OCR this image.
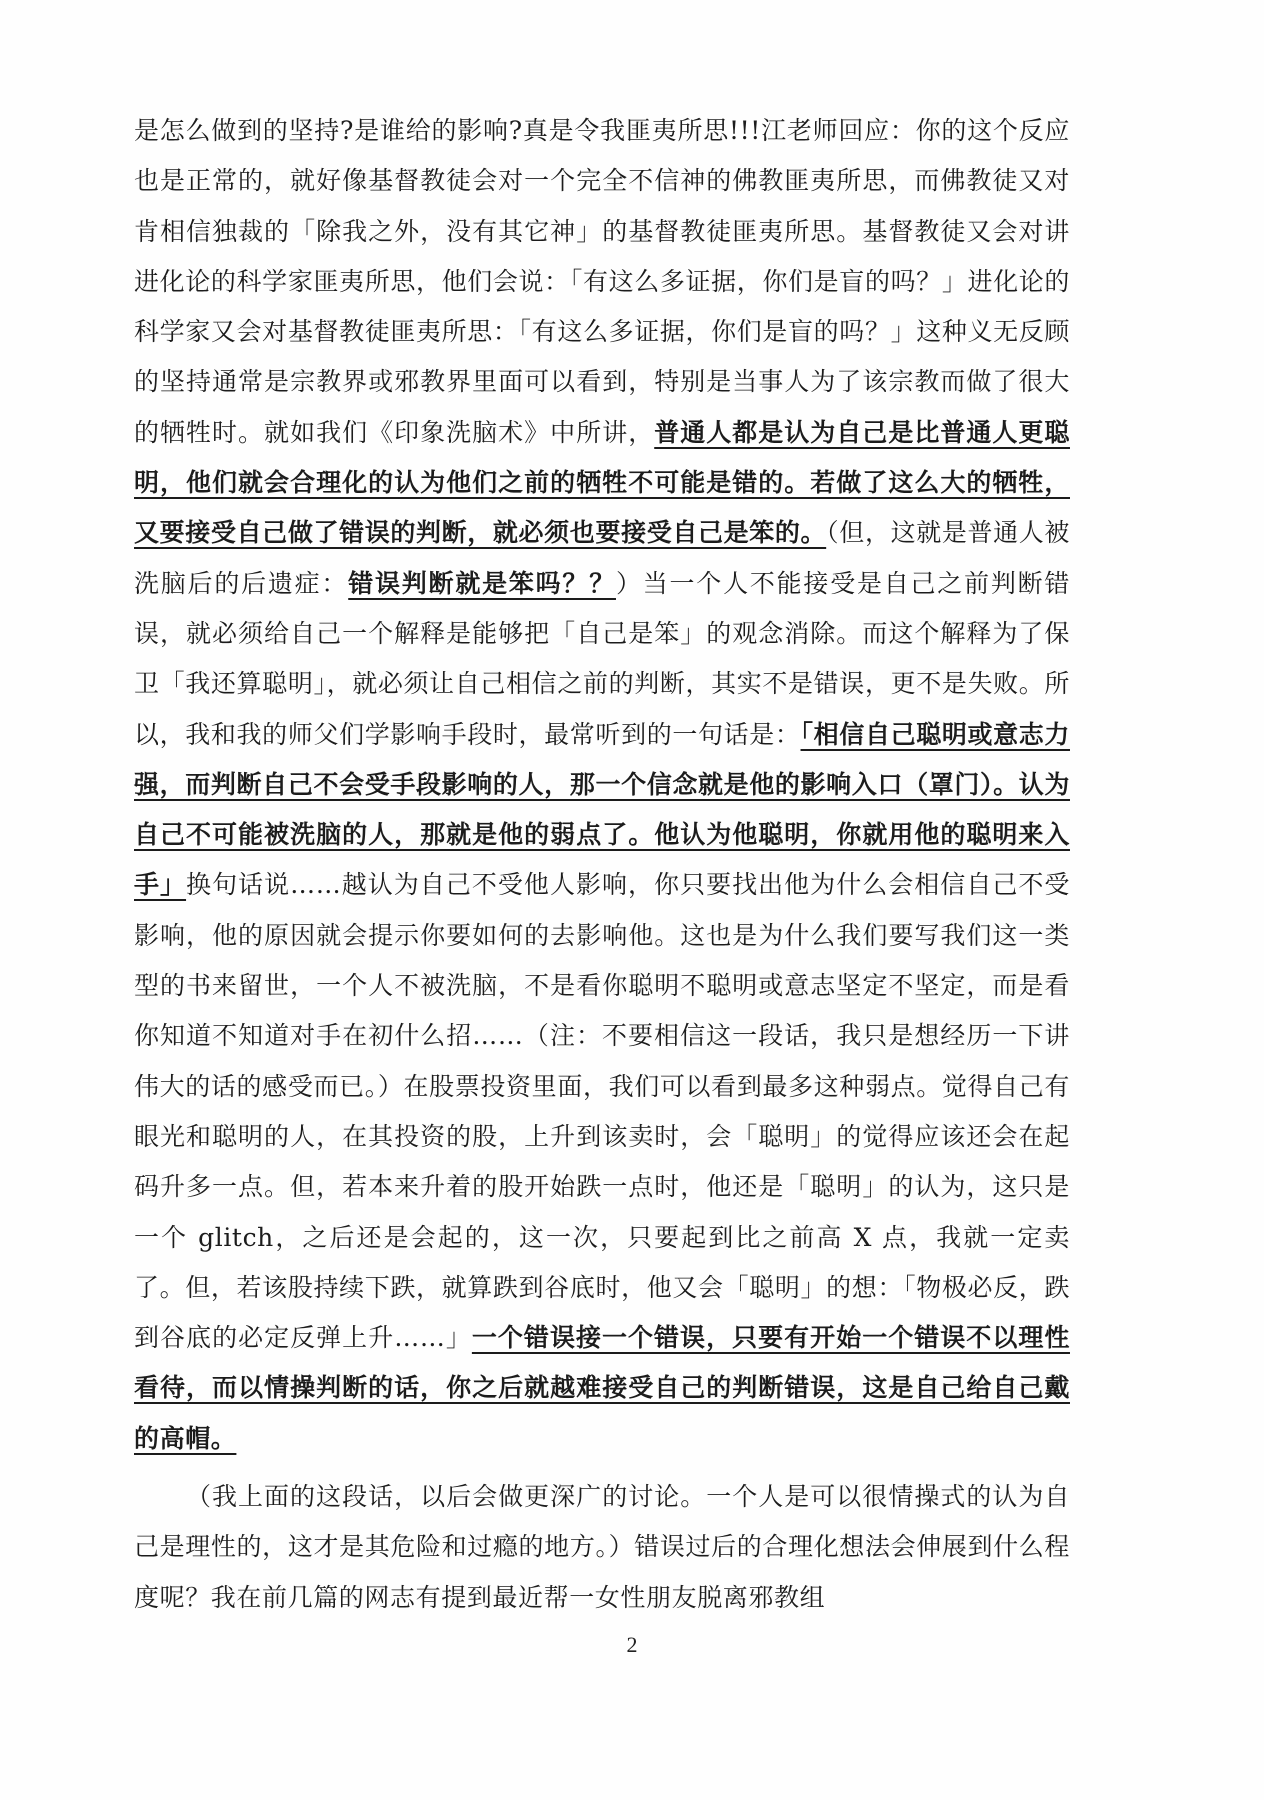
是怎么做到的坚持?是谁给的影响?真是令我匪夷所思!!!江老师回应：你的这个反应也是正常的，就好像基督教徒会对一个完全不信神的佛教匪夷所思，而佛教徒又对肯相信独裁的「除我之外，没有其它神」的基督教徒匪夷所思。基督教徒又会对讲进化论的科学家匪夷所思，他们会说：「有这么多证据，你们是盲的吗？」进化论的科学家又会对基督教徒匪夷所思：「有这么多证据，你们是盲的吗？」这种义无反顾的坚持通常是宗教界或邪教界里面可以看到，特别是当事人为了该宗教而做了很大的牺牲时。就如我们《印象洗脑术》中所讲，普通人都是认为自己是比普通人更聪明，他们就会合理化的认为他们之前的牺牲不可能是错的。若做了这么大的牺牲，又要接受自己做了错误的判断，就必须也要接受自己是笨的。（但，这就是普通人被洗脑后的后遗症：错误判断就是笨吗？？）当一个人不能接受是自己之前判断错误，就必须给自己一个解释是能够把「自己是笨」的观念消除。而这个解释为了保卫「我还算聪明」，就必须让自己相信之前的判断，其实不是错误，更不是失败。所以，我和我的师父们学影响手段时，最常听到的一句话是：「相信自己聪明或意志力强，而判断自己不会受手段影响的人，那一个信念就是他的影响入口（罩门）。认为自己不可能被洗脑的人，那就是他的弱点了。他认为他聪明，你就用他的聪明来入手」换句话说……越认为自己不受他人影响，你只要找出他为什么会相信自己不受影响，他的原因就会提示你要如何的去影响他。这也是为什么我们要写我们这一类型的书来留世，一个人不被洗脑，不是看你聪明不聪明或意志坚定不坚定，而是看你知道不知道对手在初什么招……（注：不要相信这一段话，我只是想经历一下讲伟大的话的感受而已。）在股票投资里面，我们可以看到最多这种弱点。觉得自己有眼光和聪明的人，在其投资的股，上升到该卖时，会「聪明」的觉得应该还会在起码升多一点。但，若本来升着的股开始跌一点时，他还是「聪明」的认为，这只是一个 glitch，之后还是会起的，这一次，只要起到比之前高 X 点，我就一定卖了。但，若该股持续下跌，就算跌到谷底时，他又会「聪明」的想：「物极必反，跌到谷底的必定反弹上升……」一个错误接一个错误，只要有开始一个错误不以理性看待，而以情操判断的话，你之后就越难接受自己的判断错误，这是自己给自己戴的高帽。

（我上面的这段话，以后会做更深广的讨论。一个人是可以很情操式的认为自己是理性的，这才是其危险和过瘾的地方。）错误过后的合理化想法会伸展到什么程度呢？我在前几篇的网志有提到最近帮一女性朋友脱离邪教组

2
